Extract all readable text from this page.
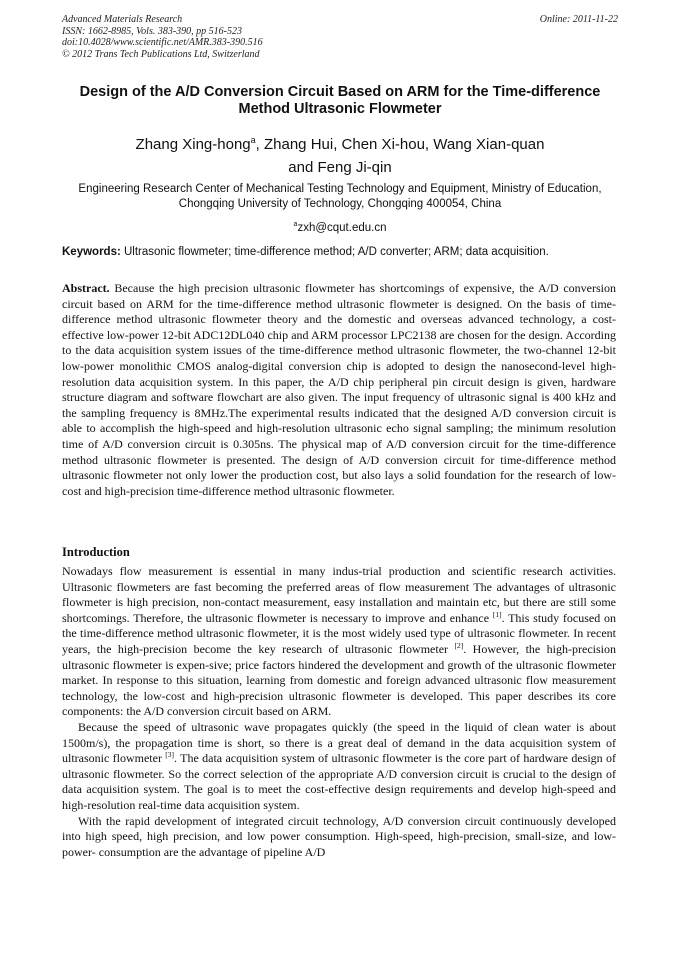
Advanced Materials Research
ISSN: 1662-8985, Vols. 383-390, pp 516-523
doi:10.4028/www.scientific.net/AMR.383-390.516
© 2012 Trans Tech Publications Ltd, Switzerland
Online: 2011-11-22
Design of the A/D Conversion Circuit Based on ARM for the Time-difference Method Ultrasonic Flowmeter
Zhang Xing-hong$^a$, Zhang Hui, Chen Xi-hou, Wang Xian-quan
and Feng Ji-qin
Engineering Research Center of Mechanical Testing Technology and Equipment, Ministry of Education, Chongqing University of Technology, Chongqing 400054, China
$^a$zxh@cqut.edu.cn
Keywords: Ultrasonic flowmeter; time-difference method; A/D converter; ARM; data acquisition.
Abstract. Because the high precision ultrasonic flowmeter has shortcomings of expensive, the A/D conversion circuit based on ARM for the time-difference method ultrasonic flowmeter is designed. On the basis of time-difference method ultrasonic flowmeter theory and the domestic and overseas advanced technology, a cost-effective low-power 12-bit ADC12DL040 chip and ARM processor LPC2138 are chosen for the design. According to the data acquisition system issues of the time-difference method ultrasonic flowmeter, the two-channel 12-bit low-power monolithic CMOS analog-digital conversion chip is adopted to design the nanosecond-level high-resolution data acquisition system. In this paper, the A/D chip peripheral pin circuit design is given, hardware structure diagram and software flowchart are also given. The input frequency of ultrasonic signal is 400 kHz and the sampling frequency is 8MHz.The experimental results indicated that the designed A/D conversion circuit is able to accomplish the high-speed and high-resolution ultrasonic echo signal sampling; the minimum resolution time of A/D conversion circuit is 0.305ns. The physical map of A/D conversion circuit for the time-difference method ultrasonic flowmeter is presented. The design of A/D conversion circuit for time-difference method ultrasonic flowmeter not only lower the production cost, but also lays a solid foundation for the research of low-cost and high-precision time-difference method ultrasonic flowmeter.
Introduction

Nowadays flow measurement is essential in many indus-trial production and scientific research activities. Ultrasonic flowmeters are fast becoming the preferred areas of flow measurement The advantages of ultrasonic flowmeter is high precision, non-contact measurement, easy installation and maintain etc, but there are still some shortcomings. Therefore, the ultrasonic flowmeter is necessary to improve and enhance [1]. This study focused on the time-difference method ultrasonic flowmeter, it is the most widely used type of ultrasonic flowmeter. In recent years, the high-precision become the key research of ultrasonic flowmeter [2]. However, the high-precision ultrasonic flowmeter is expen-sive; price factors hindered the development and growth of the ultrasonic flowmeter market. In response to this situation, learning from domestic and foreign advanced ultrasonic flow measurement technology, the low-cost and high-precision ultrasonic flowmeter is developed. This paper describes its core components: the A/D conversion circuit based on ARM.

Because the speed of ultrasonic wave propagates quickly (the speed in the liquid of clean water is about 1500m/s), the propagation time is short, so there is a great deal of demand in the data acquisition system of ultrasonic flowmeter [3]. The data acquisition system of ultrasonic flowmeter is the core part of hardware design of ultrasonic flowmeter. So the correct selection of the appropriate A/D conversion circuit is crucial to the design of data acquisition system. The goal is to meet the cost-effective design requirements and develop high-speed and high-resolution real-time data acquisition system.

With the rapid development of integrated circuit technology, A/D conversion circuit continuously developed into high speed, high precision, and low power consumption. High-speed, high-precision, small-size, and low-power- consumption are the advantage of pipeline A/D
